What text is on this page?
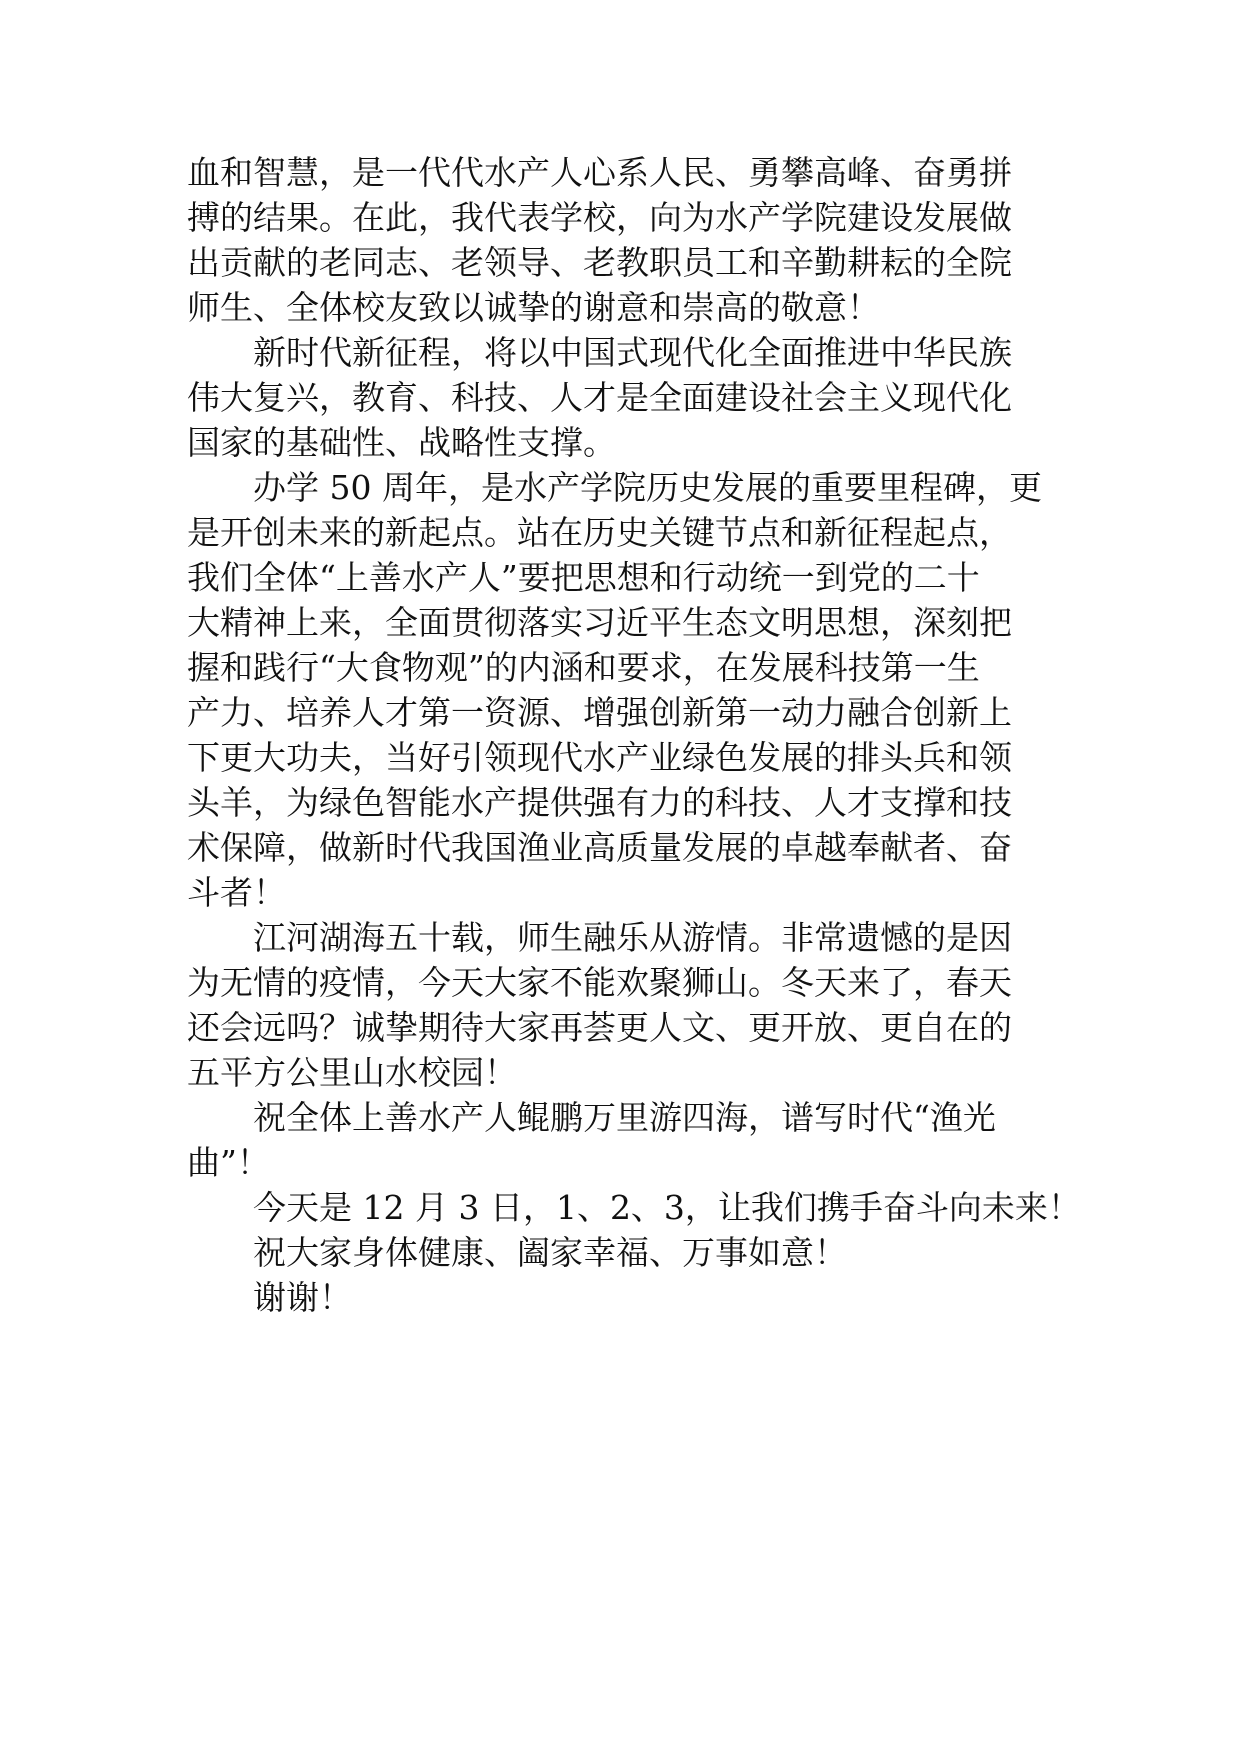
血和智慧，是一代代水产人心系人民、勇攀高峰、奋勇拼
搏的结果。在此，我代表学校，向为水产学院建设发展做
出贡献的老同志、老领导、老教职员工和辛勤耕耘的全院
师生、全体校友致以诚挚的谢意和崇高的敬意！

新时代新征程，将以中国式现代化全面推进中华民族
伟大复兴，教育、科技、人才是全面建设社会主义现代化
国家的基础性、战略性支撑。

办学 50 周年，是水产学院历史发展的重要里程碑，更
是开创未来的新起点。站在历史关键节点和新征程起点，
我们全体“上善水产人”要把思想和行动统一到党的二十
大精神上来，全面贯彻落实习近平生态文明思想，深刻把
握和践行“大食物观”的内涵和要求，在发展科技第一生
产力、培养人才第一资源、增强创新第一动力融合创新上
下更大功夫，当好引领现代水产业绿色发展的排头兵和领
头羊，为绿色智能水产提供强有力的科技、人才支撑和技
术保障，做新时代我国渔业高质量发展的卓越奉献者、奋
斗者！

江河湖海五十载，师生融乐从游情。非常遗憾的是因
为无情的疫情，今天大家不能欢聚狮山。冬天来了，春天
还会远吗？诚挚期待大家再荟更人文、更开放、更自在的
五平方公里山水校园！

祝全体上善水产人鲲鹏万里游四海，谱写时代“渔光
曲”！

今天是 12 月 3 日，1、2、3，让我们携手奋斗向未来！

祝大家身体健康、阖家幸福、万事如意！

谢谢！
